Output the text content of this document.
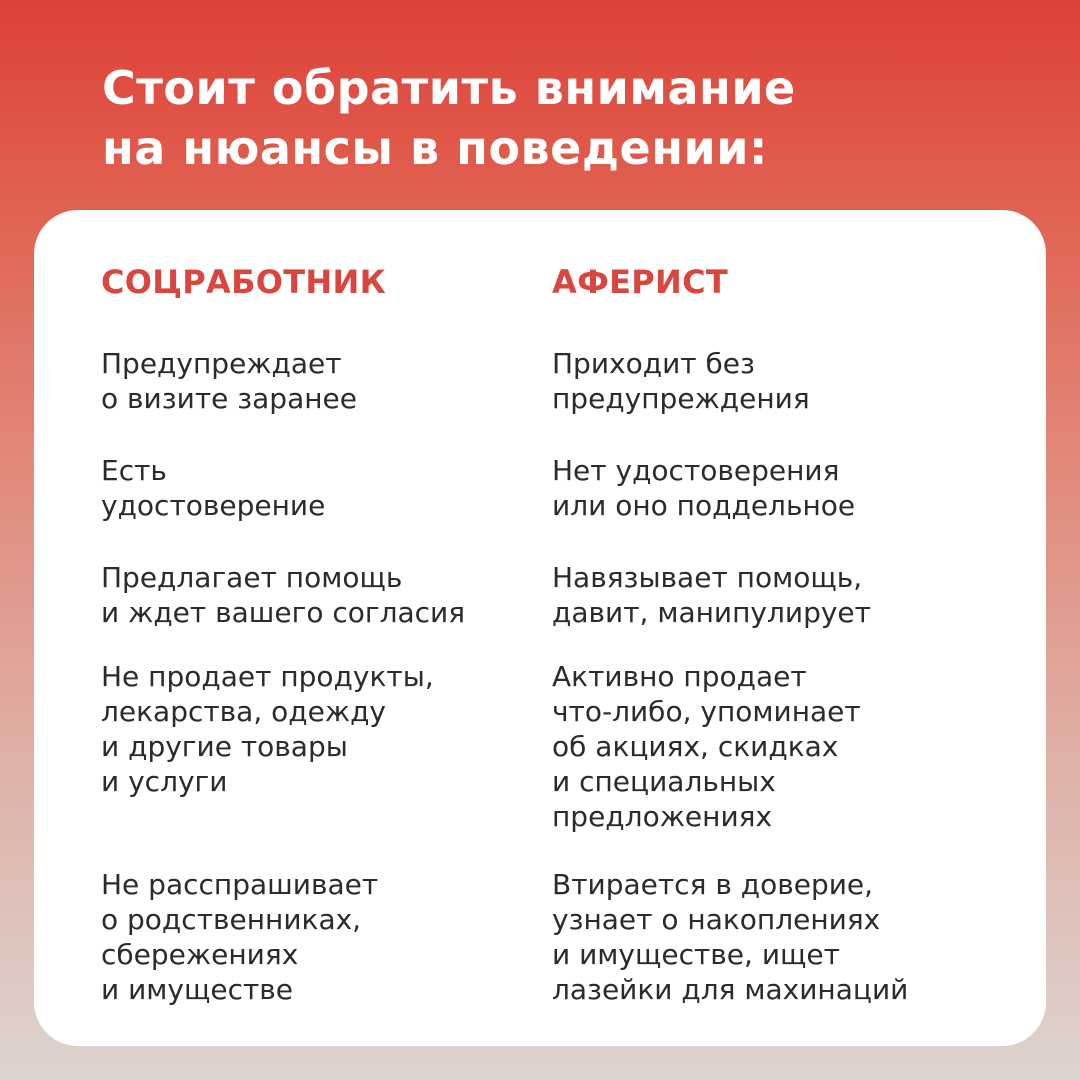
Стоит обратить внимание
на нюансы в поведении:
СОЦРАБОТНИК
Предупреждает
о визите заранее
Есть
удостоверение
Предлагает помощь
и ждет вашего согласия
Не продает продукты,
лекарства, одежду
и другие товары
и услуги
Не расспрашивает
о родственниках,
сбережениях
и имуществе
АФЕРИСТ
Приходит без
предупреждения
Нет удостоверения
или оно поддельное
Навязывает помощь,
давит, манипулирует
Активно продает
что-либо, упоминает
об акциях, скидках
и специальных
предложениях
Втирается в доверие,
узнает о накоплениях
и имуществе, ищет
лазейки для махинаций
